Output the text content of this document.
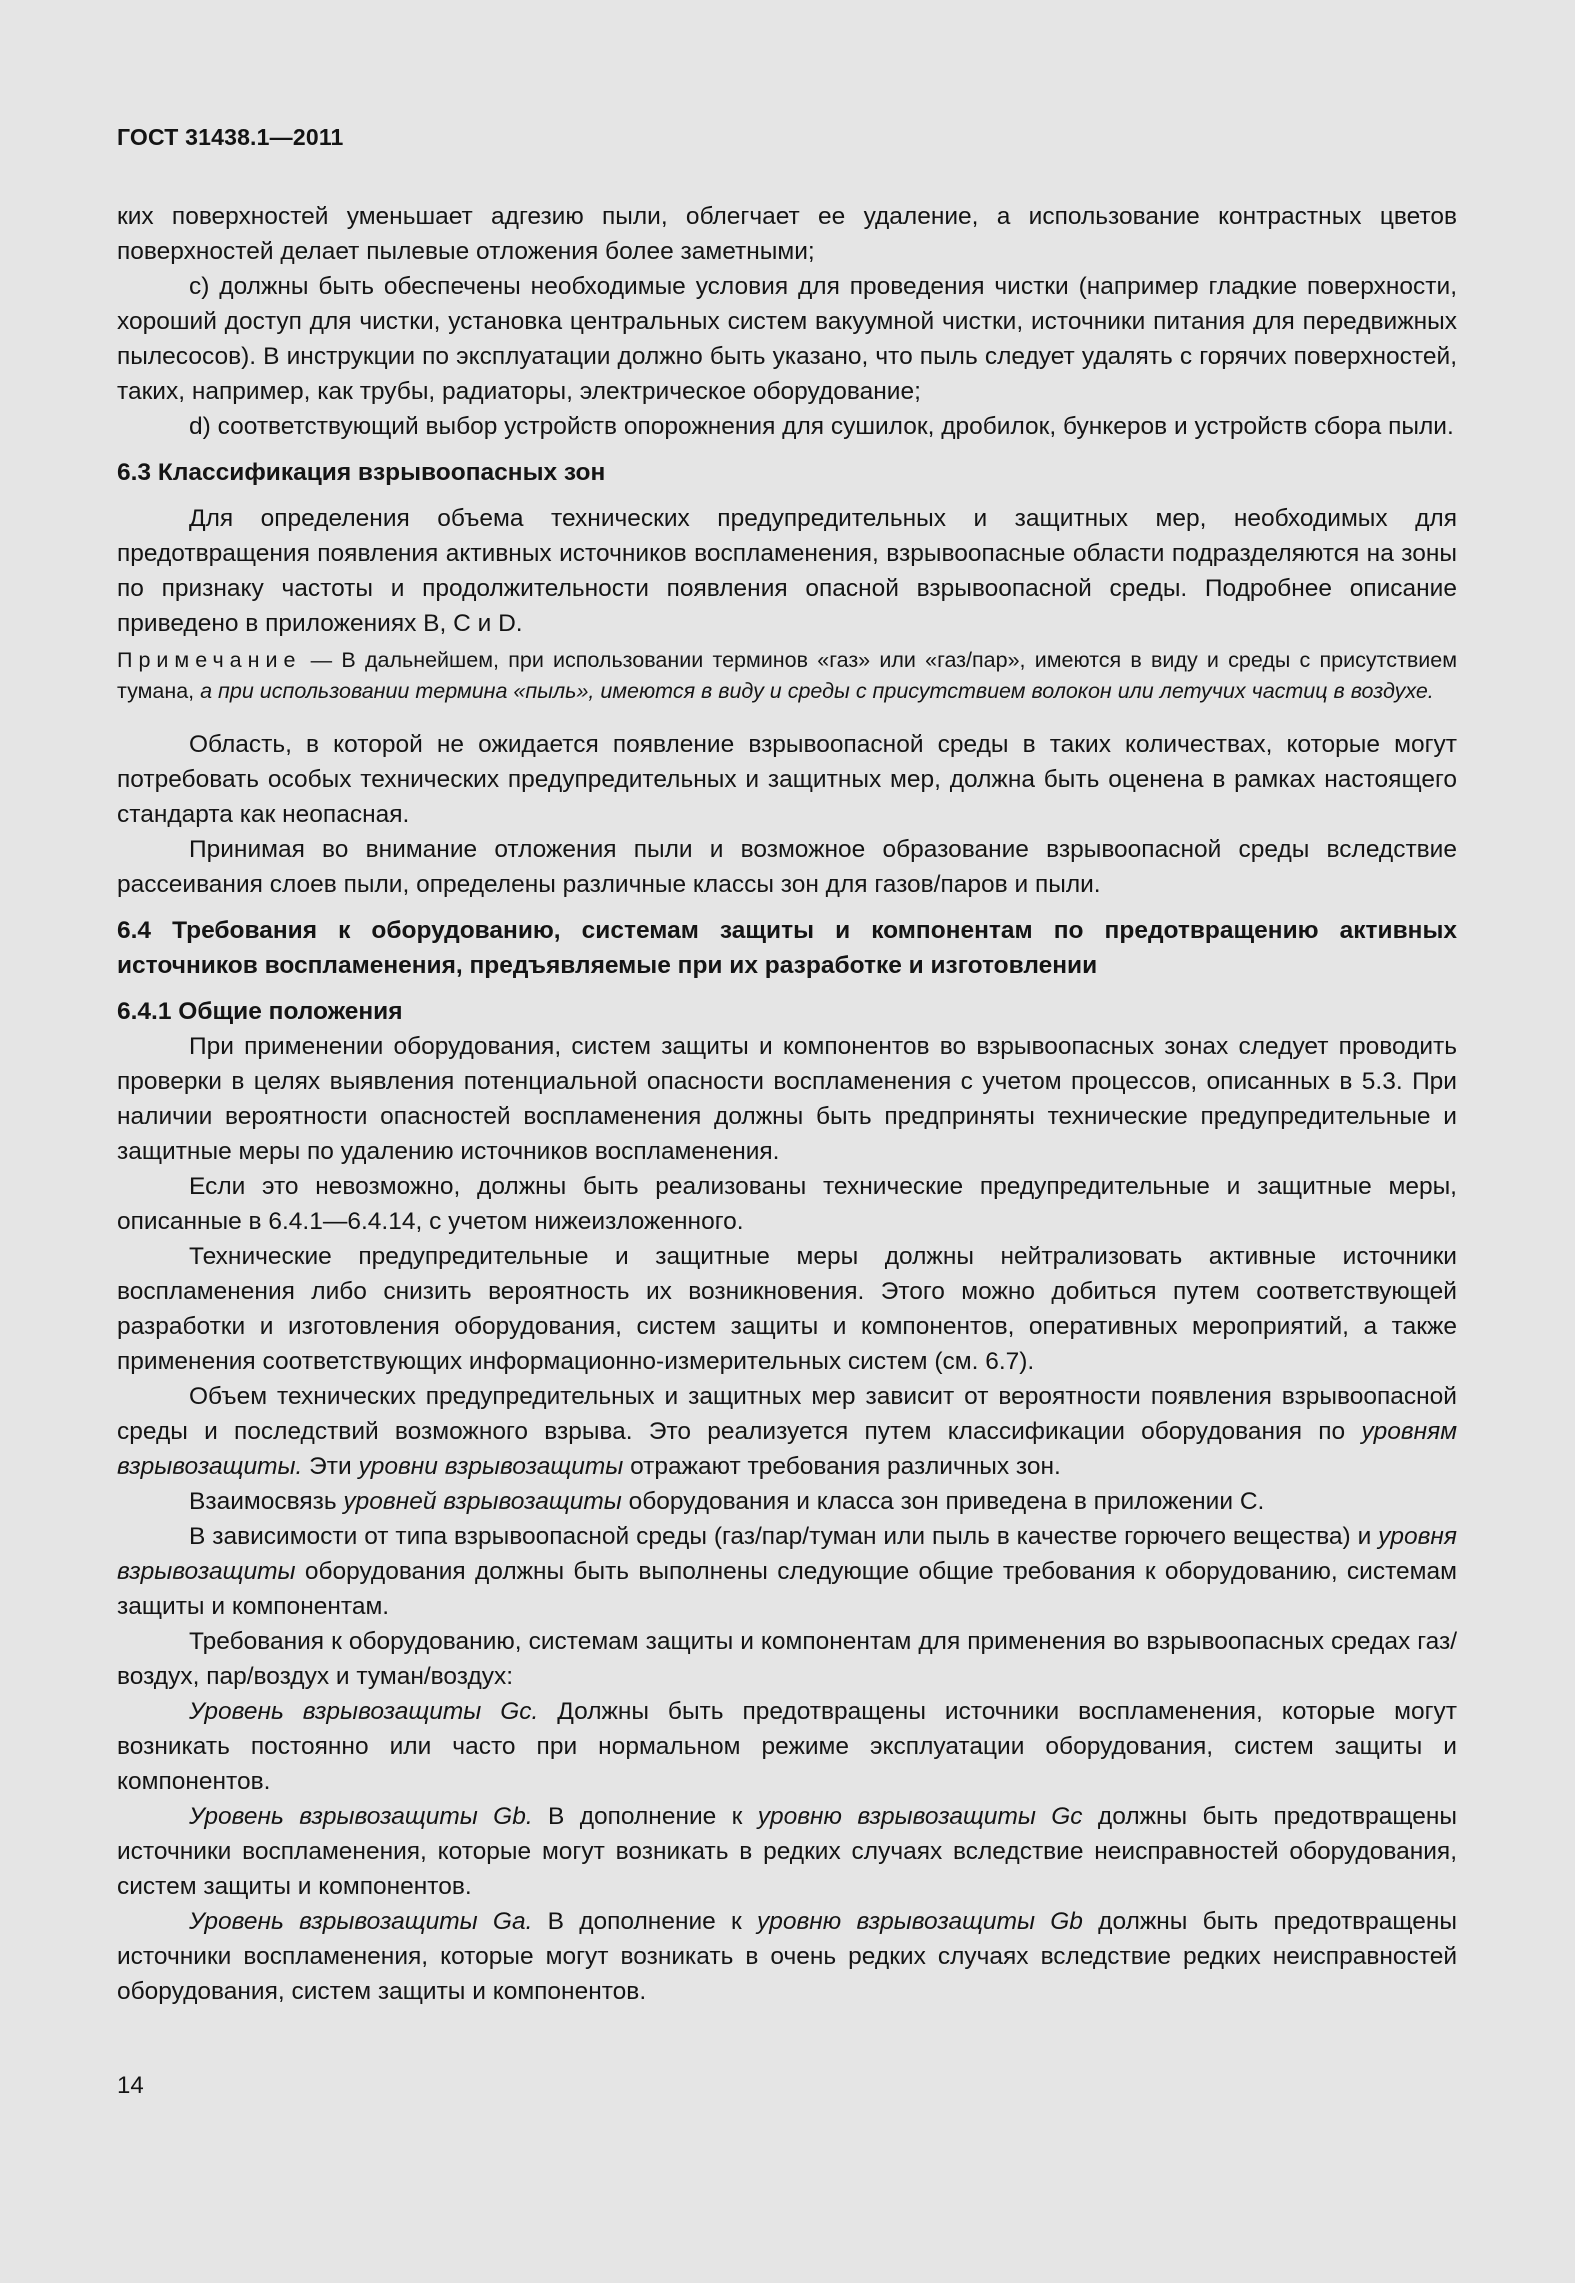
ГОСТ 31438.1—2011

ких поверхностей уменьшает адгезию пыли, облегчает ее удаление, а использование контрастных цветов поверхностей делает пылевые отложения более заметными;

c) должны быть обеспечены необходимые условия для проведения чистки (например гладкие поверхности, хороший доступ для чистки, установка центральных систем вакуумной чистки, источники питания для передвижных пылесосов). В инструкции по эксплуатации должно быть указано, что пыль следует удалять с горячих поверхностей, таких, например, как трубы, радиаторы, электрическое оборудование;

d) соответствующий выбор устройств опорожнения для сушилок, дробилок, бункеров и устройств сбора пыли.

6.3 Классификация взрывоопасных зон

Для определения объема технических предупредительных и защитных мер, необходимых для предотвращения появления активных источников воспламенения, взрывоопасные области подразделяются на зоны по признаку частоты и продолжительности появления опасной взрывоопасной среды. Подробнее описание приведено в приложениях B, C и D.

Примечание — В дальнейшем, при использовании терминов «газ» или «газ/пар», имеются в виду и среды с присутствием тумана, а при использовании термина «пыль», имеются в виду и среды с присутствием волокон или летучих частиц в воздухе.

Область, в которой не ожидается появление взрывоопасной среды в таких количествах, которые могут потребовать особых технических предупредительных и защитных мер, должна быть оценена в рамках настоящего стандарта как неопасная.

Принимая во внимание отложения пыли и возможное образование взрывоопасной среды вследствие рассеивания слоев пыли, определены различные классы зон для газов/паров и пыли.

6.4 Требования к оборудованию, системам защиты и компонентам по предотвращению активных источников воспламенения, предъявляемые при их разработке и изготовлении

6.4.1 Общие положения

При применении оборудования, систем защиты и компонентов во взрывоопасных зонах следует проводить проверки в целях выявления потенциальной опасности воспламенения с учетом процессов, описанных в 5.3. При наличии вероятности опасностей воспламенения должны быть предприняты технические предупредительные и защитные меры по удалению источников воспламенения.

Если это невозможно, должны быть реализованы технические предупредительные и защитные меры, описанные в 6.4.1—6.4.14, с учетом нижеизложенного.

Технические предупредительные и защитные меры должны нейтрализовать активные источники воспламенения либо снизить вероятность их возникновения. Этого можно добиться путем соответствующей разработки и изготовления оборудования, систем защиты и компонентов, оперативных мероприятий, а также применения соответствующих информационно-измерительных систем (см. 6.7).

Объем технических предупредительных и защитных мер зависит от вероятности появления взрывоопасной среды и последствий возможного взрыва. Это реализуется путем классификации оборудования по уровням взрывозащиты. Эти уровни взрывозащиты отражают требования различных зон.

Взаимосвязь уровней взрывозащиты оборудования и класса зон приведена в приложении C.

В зависимости от типа взрывоопасной среды (газ/пар/туман или пыль в качестве горючего вещества) и уровня взрывозащиты оборудования должны быть выполнены следующие общие требования к оборудованию, системам защиты и компонентам.

Требования к оборудованию, системам защиты и компонентам для применения во взрывоопасных средах газ/воздух, пар/воздух и туман/воздух:

Уровень взрывозащиты Gc. Должны быть предотвращены источники воспламенения, которые могут возникать постоянно или часто при нормальном режиме эксплуатации оборудования, систем защиты и компонентов.

Уровень взрывозащиты Gb. В дополнение к уровню взрывозащиты Gc должны быть предотвращены источники воспламенения, которые могут возникать в редких случаях вследствие неисправностей оборудования, систем защиты и компонентов.

Уровень взрывозащиты Ga. В дополнение к уровню взрывозащиты Gb должны быть предотвращены источники воспламенения, которые могут возникать в очень редких случаях вследствие редких неисправностей оборудования, систем защиты и компонентов.

14
